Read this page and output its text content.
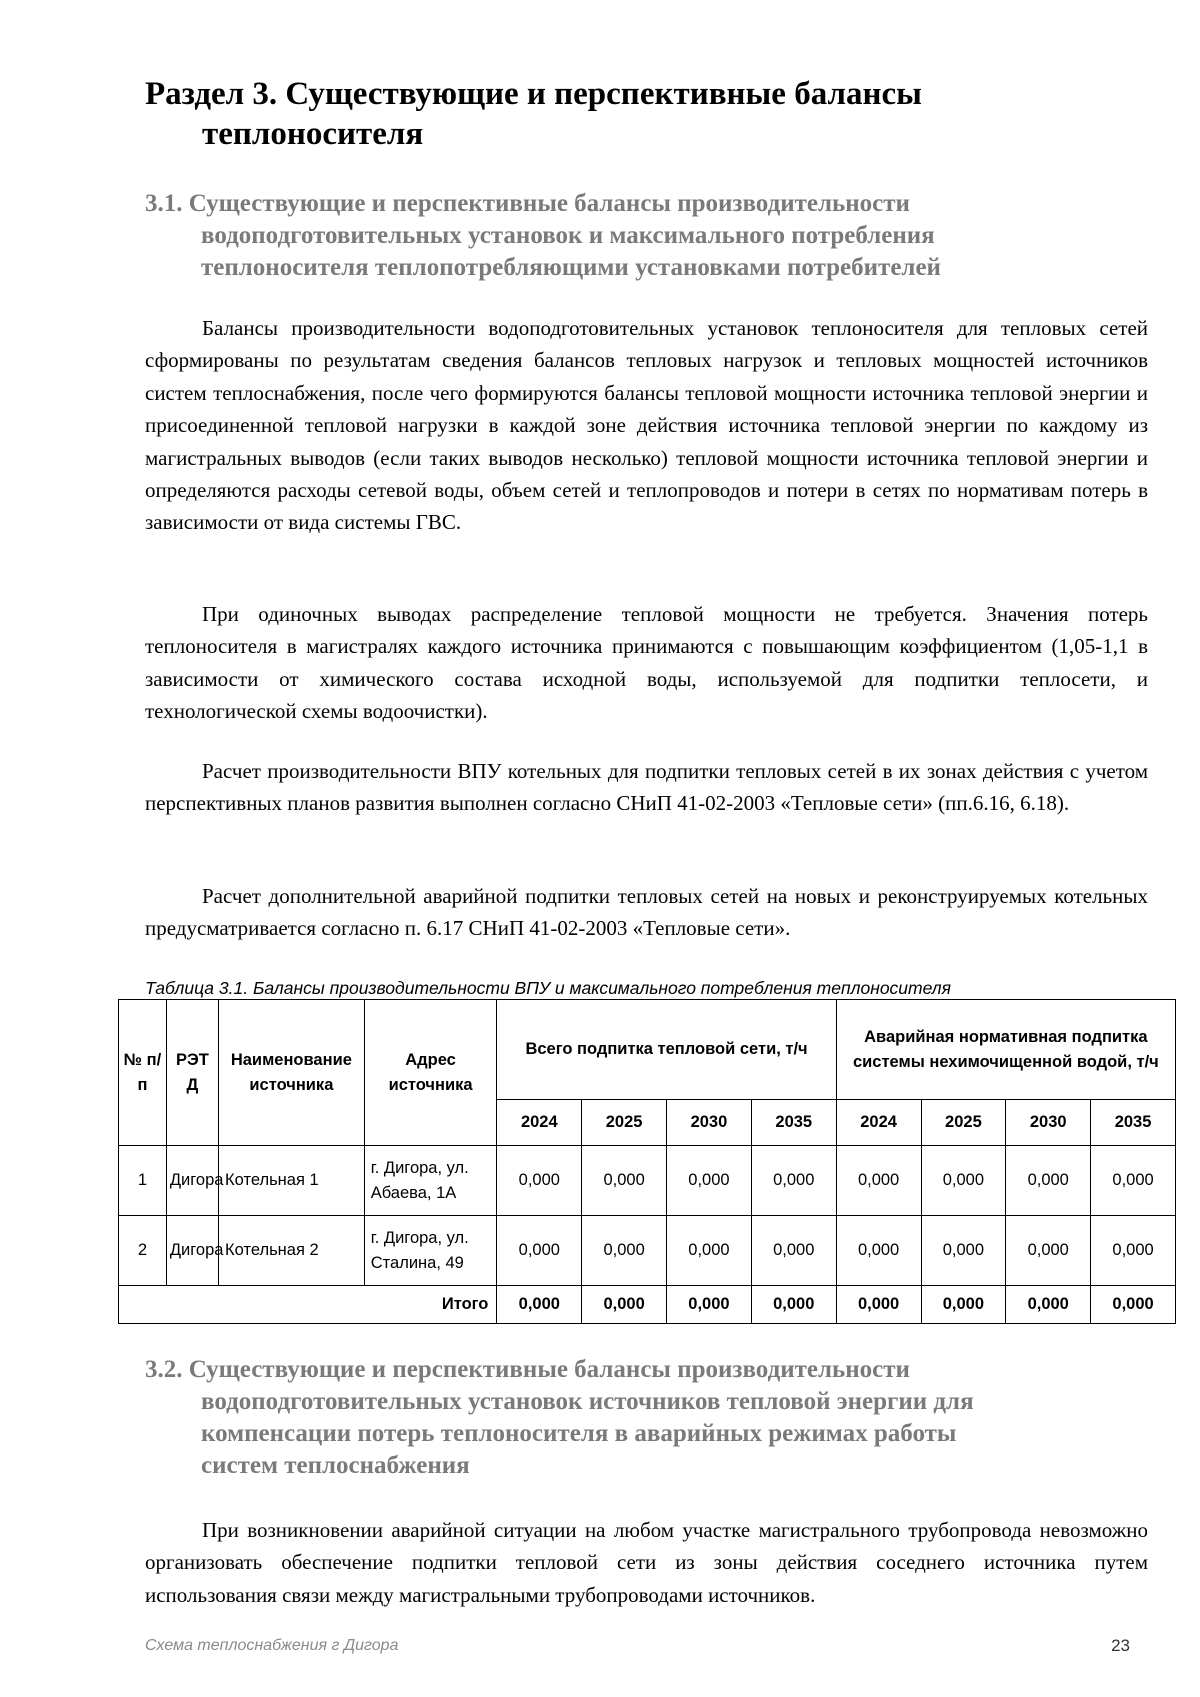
Раздел 3. Существующие и перспективные балансы
теплоносителя
3.1. Существующие и перспективные балансы производительности
водоподготовительных установок и максимального потребления
теплоносителя теплопотребляющими установками потребителей

Балансы производительности водоподготовительных установок теплоносителя для тепловых сетей сформированы по результатам сведения балансов тепловых нагрузок и тепловых мощностей источников систем теплоснабжения, после чего формируются балансы тепловой мощности источника тепловой энергии и присоединенной тепловой нагрузки в каждой зоне действия источника тепловой энергии по каждому из магистральных выводов (если таких выводов несколько) тепловой мощности источника тепловой энергии и определяются расходы сетевой воды, объем сетей и теплопроводов и потери в сетях по нормативам потерь в зависимости от вида системы ГВС.

При одиночных выводах распределение тепловой мощности не требуется. Значения потерь теплоносителя в магистралях каждого источника принимаются с повышающим коэффициентом (1,05-1,1 в зависимости от химического состава исходной воды, используемой для подпитки теплосети, и технологической схемы водоочистки).

Расчет производительности ВПУ котельных для подпитки тепловых сетей в их зонах действия с учетом перспективных планов развития выполнен согласно СНиП 41-02-2003 «Тепловые сети» (пп.6.16, 6.18).

Расчет дополнительной аварийной подпитки тепловых сетей на новых и реконструируемых котельных предусматривается согласно п. 6.17 СНиП 41-02-2003 «Тепловые сети».

Таблица 3.1. Балансы производительности ВПУ и максимального потребления теплоносителя

№ п/п	РЭТ Д	Наименование источника	Адрес источника	Всего подпитка тепловой сети, т/ч				Аварийная нормативная подпитка системы нехимочищенной водой, т/ч			
				2024	2025	2030	2035	2024	2025	2030	2035
1	Дигора	Котельная 1	г. Дигора, ул. Абаева, 1А	0,000	0,000	0,000	0,000	0,000	0,000	0,000	0,000
2	Дигора	Котельная 2	г. Дигора, ул. Сталина, 49	0,000	0,000	0,000	0,000	0,000	0,000	0,000	0,000
Итого				0,000	0,000	0,000	0,000	0,000	0,000	0,000	0,000
3.2. Существующие и перспективные балансы производительности
водоподготовительных установок источников тепловой энергии для
компенсации потерь теплоносителя в аварийных режимах работы
систем теплоснабжения

При возникновении аварийной ситуации на любом участке магистрального трубопровода невозможно организовать обеспечение подпитки тепловой сети из зоны действия соседнего источника путем использования связи между магистральными трубопроводами источников.

Схема теплоснабжения г Дигора	23
